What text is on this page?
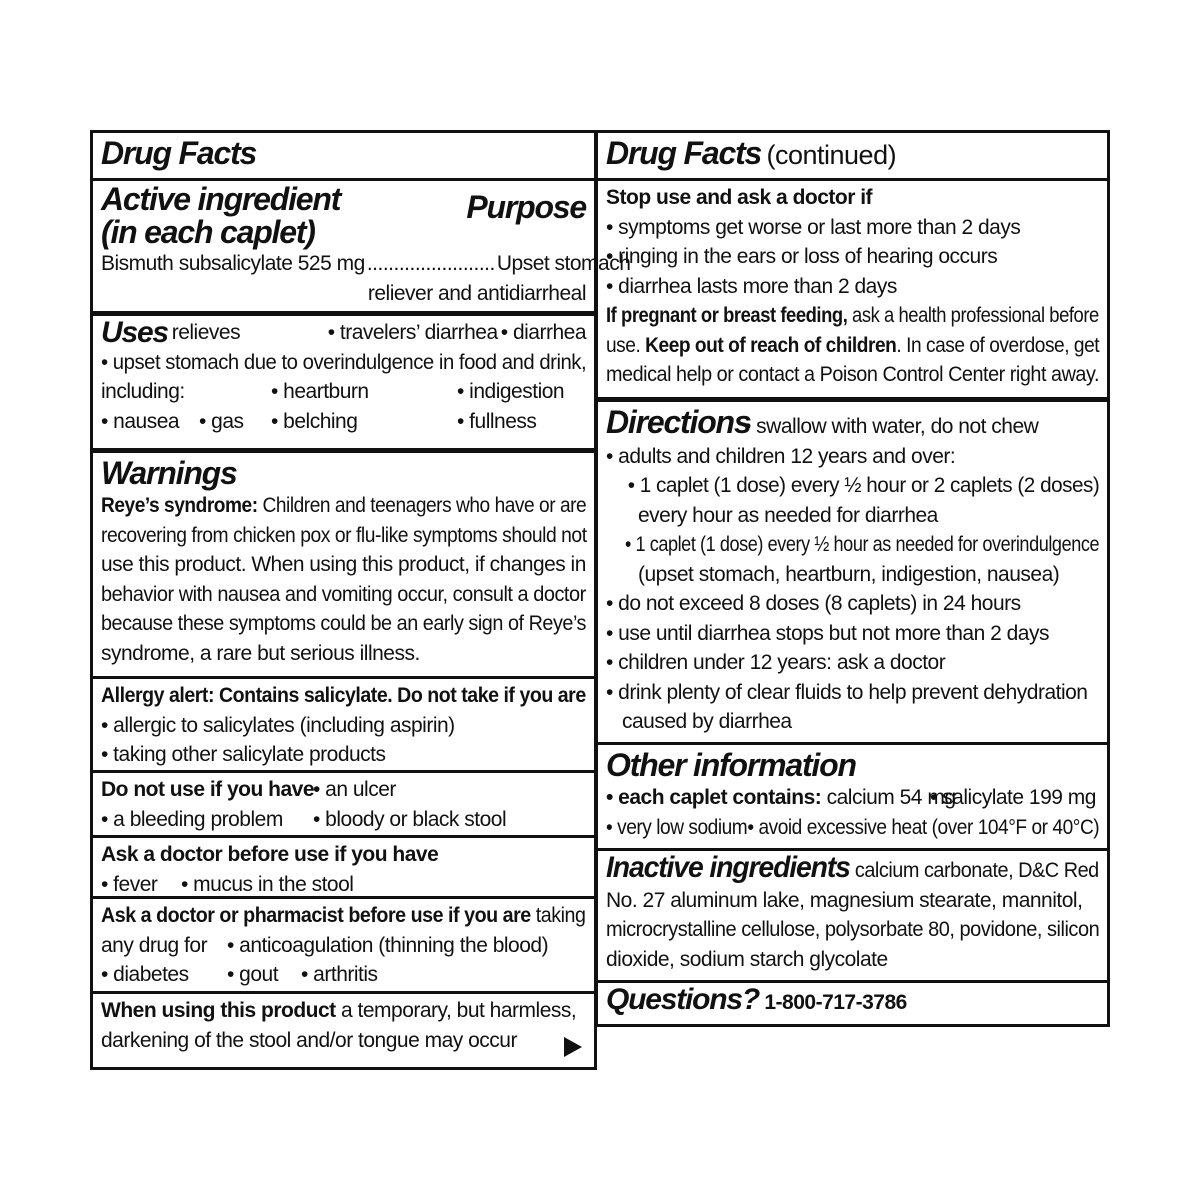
Drug Facts
Active ingredient
(in each caplet)
Purpose
Bismuth subsalicylate 525 mg ........................ Upset stomach
reliever and antidiarrheal
Uses relieves	• travelers’ diarrhea • diarrhea
• upset stomach due to overindulgence in food and drink,
including:	• heartburn	• indigestion
• nausea • gas	• belching	• fullness
Warnings
Reye’s syndrome: Children and teenagers who have or are
recovering from chicken pox or flu-like symptoms should not
use this product. When using this product, if changes in
behavior with nausea and vomiting occur, consult a doctor
because these symptoms could be an early sign of Reye’s
syndrome, a rare but serious illness.
Allergy alert: Contains salicylate. Do not take if you are
• allergic to salicylates (including aspirin)
• taking other salicylate products
Do not use if you have
• an ulcer
• a bleeding problem	• bloody or black stool
Ask a doctor before use if you have
• fever	• mucus in the stool
Ask a doctor or pharmacist before use if you are taking
any drug for • anticoagulation (thinning the blood)
• diabetes	• gout	• arthritis
When using this product a temporary, but harmless,
darkening of the stool and/or tongue may occur
Drug Facts (continued)
Stop use and ask a doctor if
• symptoms get worse or last more than 2 days
• ringing in the ears or loss of hearing occurs
• diarrhea lasts more than 2 days
If pregnant or breast feeding, ask a health professional before
use. Keep out of reach of children. In case of overdose, get
medical help or contact a Poison Control Center right away.
Directions
• swallow with water, do not chew
• adults and children 12 years and over:
• 1 caplet (1 dose) every ½ hour or 2 caplets (2 doses)
every hour as needed for diarrhea
• 1 caplet (1 dose) every ½ hour as needed for overindulgence
(upset stomach, heartburn, indigestion, nausea)
• do not exceed 8 doses (8 caplets) in 24 hours
• use until diarrhea stops but not more than 2 days
• children under 12 years: ask a doctor
• drink plenty of clear fluids to help prevent dehydration
caused by diarrhea
Other information
• each caplet contains: calcium 54 mg
• salicylate 199 mg
• very low sodium • avoid excessive heat (over 104°F or 40°C)
Inactive ingredients calcium carbonate, D&C Red
No. 27 aluminum lake, magnesium stearate, mannitol,
microcrystalline cellulose, polysorbate 80, povidone, silicon
dioxide, sodium starch glycolate
Questions? 1-800-717-3786
